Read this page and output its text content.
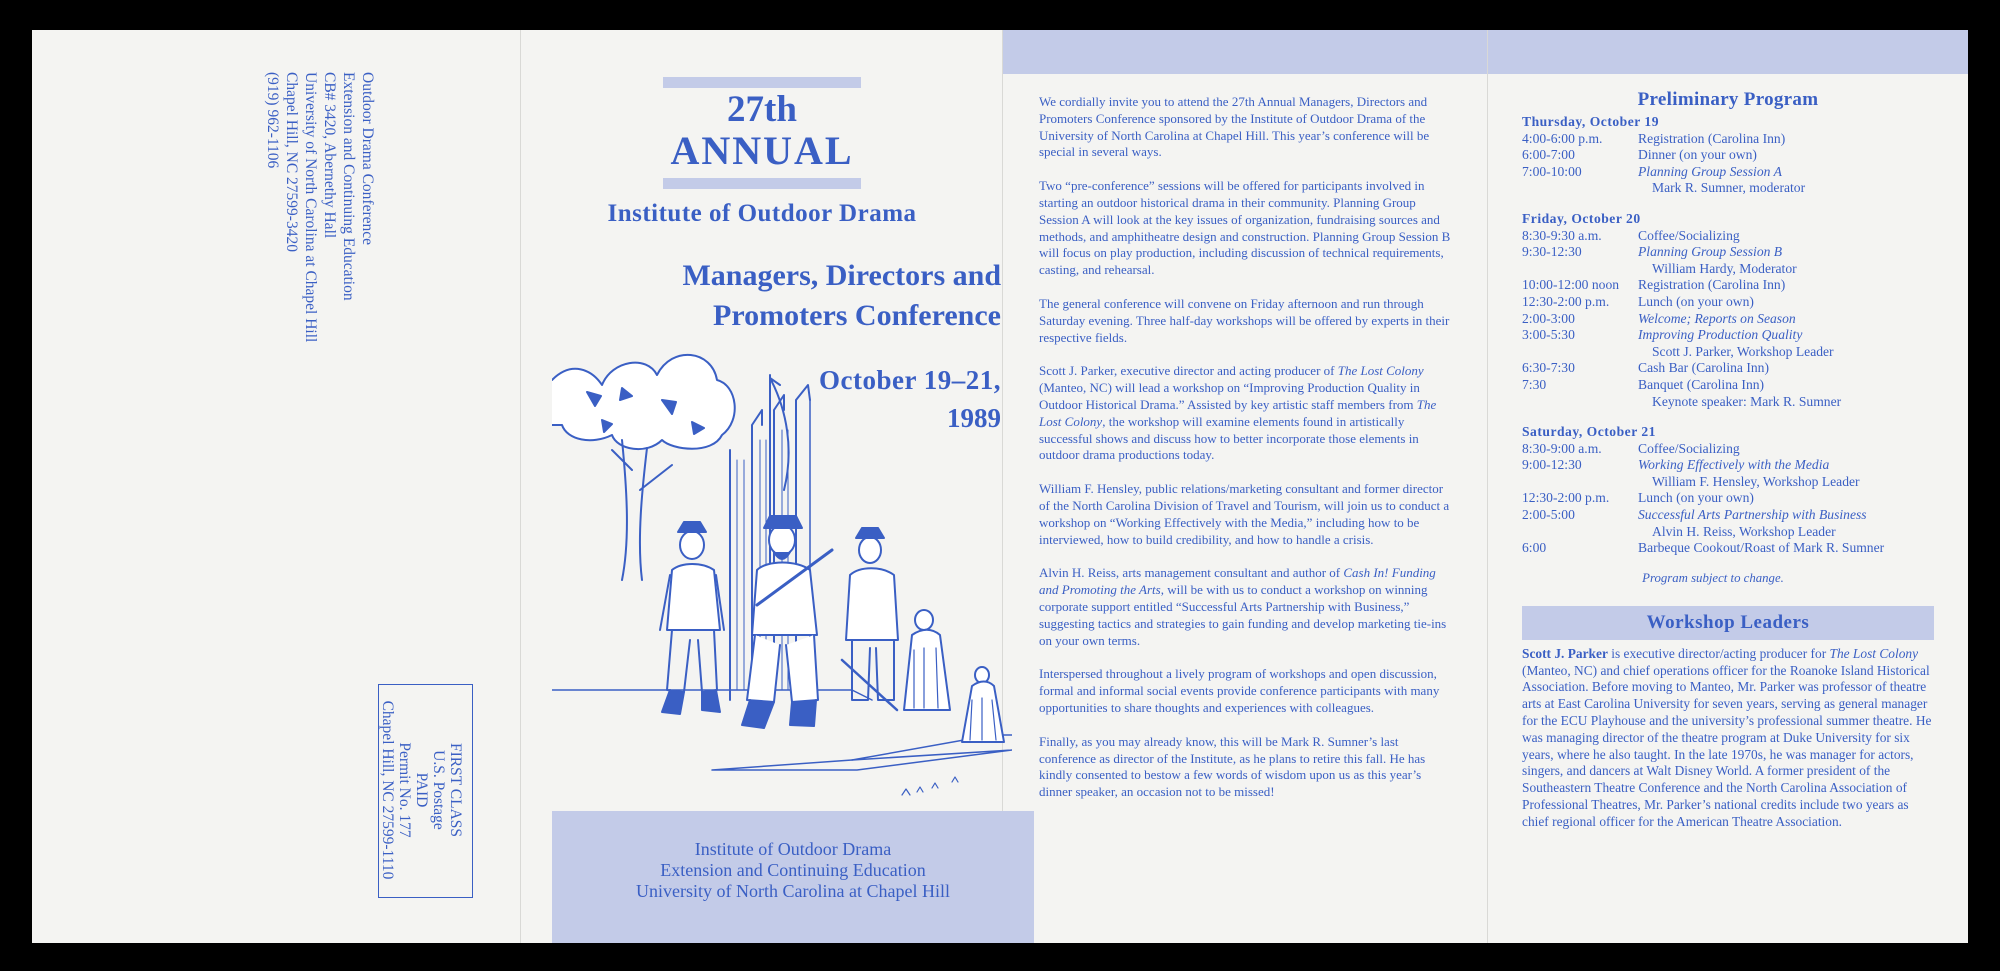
Outdoor Drama Conference
Extension and Continuing Education
CB# 3420, Abernethy Hall
University of North Carolina at Chapel Hill
Chapel Hill, NC 27599-3420
(919) 962-1106
FIRST CLASS
U.S. Postage
PAID
Permit No. 177
Chapel Hill, NC 27599-1110
27th
ANNUAL
Institute of Outdoor Drama
Managers, Directors and
Promoters Conference
October 19–21,
1989
Institute of Outdoor Drama
Extension and Continuing Education
University of North Carolina at Chapel Hill

We cordially invite you to attend the 27th Annual Managers, Directors and Promoters Conference sponsored by the Institute of Outdoor Drama of the University of North Carolina at Chapel Hill. This year’s conference will be special in several ways.

Two “pre-conference” sessions will be offered for participants involved in starting an outdoor historical drama in their community. Planning Group Session A will look at the key issues of organization, fundraising sources and methods, and amphitheatre design and construction. Planning Group Session B will focus on play production, including discussion of technical requirements, casting, and rehearsal.

The general conference will convene on Friday afternoon and run through Saturday evening. Three half-day workshops will be offered by experts in their respective fields.

Scott J. Parker, executive director and acting producer of The Lost Colony (Manteo, NC) will lead a workshop on “Improving Production Quality in Outdoor Historical Drama.” Assisted by key artistic staff members from The Lost Colony, the workshop will examine elements found in artistically successful shows and discuss how to better incorporate those elements in outdoor drama productions today.

William F. Hensley, public relations/marketing consultant and former director of the North Carolina Division of Travel and Tourism, will join us to conduct a workshop on “Working Effectively with the Media,” including how to be interviewed, how to build credibility, and how to handle a crisis.

Alvin H. Reiss, arts management consultant and author of Cash In! Funding and Promoting the Arts, will be with us to conduct a workshop on winning corporate support entitled “Successful Arts Partnership with Business,” suggesting tactics and strategies to gain funding and develop marketing tie-ins on your own terms.

Interspersed throughout a lively program of workshops and open discussion, formal and informal social events provide conference participants with many opportunities to share thoughts and experiences with colleagues.

Finally, as you may already know, this will be Mark R. Sumner’s last conference as director of the Institute, as he plans to retire this fall. He has kindly consented to bestow a few words of wisdom upon us as this year’s dinner speaker, an occasion not to be missed!

Preliminary Program
Thursday, October 19
4:00-6:00 p.m.	Registration (Carolina Inn)
6:00-7:00	Dinner (on your own)
7:00-10:00	Planning Group Session A
Mark R. Sumner, moderator
Friday, October 20
8:30-9:30 a.m.	Coffee/Socializing
9:30-12:30	Planning Group Session B
William Hardy, Moderator
10:00-12:00 noon	Registration (Carolina Inn)
12:30-2:00 p.m.	Lunch (on your own)
2:00-3:00	Welcome; Reports on Season
3:00-5:30	Improving Production Quality
Scott J. Parker, Workshop Leader
6:30-7:30	Cash Bar (Carolina Inn)
7:30	Banquet (Carolina Inn)
Keynote speaker: Mark R. Sumner
Saturday, October 21
8:30-9:00 a.m.	Coffee/Socializing
9:00-12:30	Working Effectively with the Media
William F. Hensley, Workshop Leader
12:30-2:00 p.m.	Lunch (on your own)
2:00-5:00	Successful Arts Partnership with Business
Alvin H. Reiss, Workshop Leader
6:00	Barbeque Cookout/Roast of Mark R. Sumner
Program subject to change.
Workshop Leaders
Scott J. Parker is executive director/acting producer for The Lost Colony (Manteo, NC) and chief operations officer for the Roanoke Island Historical Association. Before moving to Manteo, Mr. Parker was professor of theatre arts at East Carolina University for seven years, serving as general manager for the ECU Playhouse and the university’s professional summer theatre. He was managing director of the theatre program at Duke University for six years, where he also taught. In the late 1970s, he was manager for actors, singers, and dancers at Walt Disney World. A former president of the Southeastern Theatre Conference and the North Carolina Association of Professional Theatres, Mr. Parker’s national credits include two years as chief regional officer for the American Theatre Association.
